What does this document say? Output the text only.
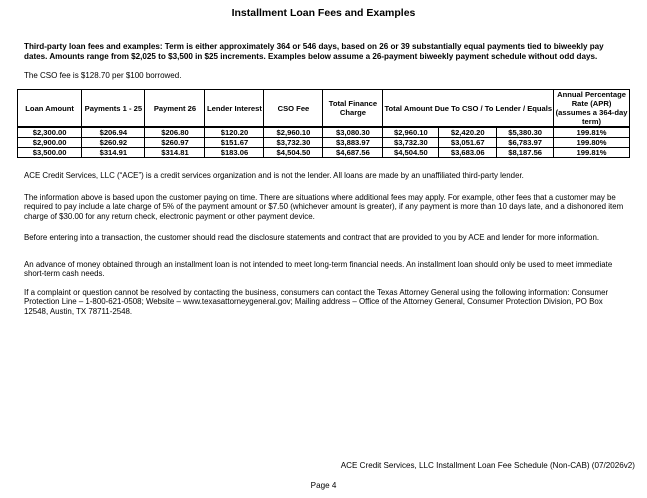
Installment Loan Fees and Examples
Third-party loan fees and examples: Term is either approximately 364 or 546 days, based on 26 or 39 substantially equal payments tied to biweekly pay dates. Amounts range from $2,025 to $3,500 in $25 increments. Examples below assume a 26-payment biweekly payment schedule without odd days.
The CSO fee is $128.70 per $100 borrowed.
Loan Amount	Payments 1 - 25	Payment 26	Lender Interest	CSO Fee	Total Finance Charge	Total Amount Due To CSO / To Lender / Equals			Annual Percentage Rate (APR) (assumes a 364-day term)
$2,300.00	$206.94	$206.80	$120.20	$2,960.10	$3,080.30	$2,960.10	$2,420.20	$5,380.30	199.81%
$2,900.00	$260.92	$260.97	$151.67	$3,732.30	$3,883.97	$3,732.30	$3,051.67	$6,783.97	199.80%
$3,500.00	$314.91	$314.81	$183.06	$4,504.50	$4,687.56	$4,504.50	$3,683.06	$8,187.56	199.81%
ACE Credit Services, LLC (“ACE”) is a credit services organization and is not the lender. All loans are made by an unaffiliated third-party lender.
The information above is based upon the customer paying on time. There are situations where additional fees may apply. For example, other fees that a customer may be required to pay include a late charge of 5% of the payment amount or $7.50 (whichever amount is greater), if any payment is more than 10 days late, and a dishonored item charge of $30.00 for any return check, electronic payment or other payment device.
Before entering into a transaction, the customer should read the disclosure statements and contract that are provided to you by ACE and lender for more information.
An advance of money obtained through an installment loan is not intended to meet long-term financial needs. An installment loan should only be used to meet immediate short-term cash needs.
If a complaint or question cannot be resolved by contacting the business, consumers can contact the Texas Attorney General using the following information: Consumer Protection Line – 1-800-621-0508; Website – www.texasattorneygeneral.gov; Mailing address – Office of the Attorney General, Consumer Protection Division, PO Box 12548, Austin, TX 78711-2548.
ACE Credit Services, LLC Installment Loan Fee Schedule (Non-CAB) (07/2026v2)
Page 4
